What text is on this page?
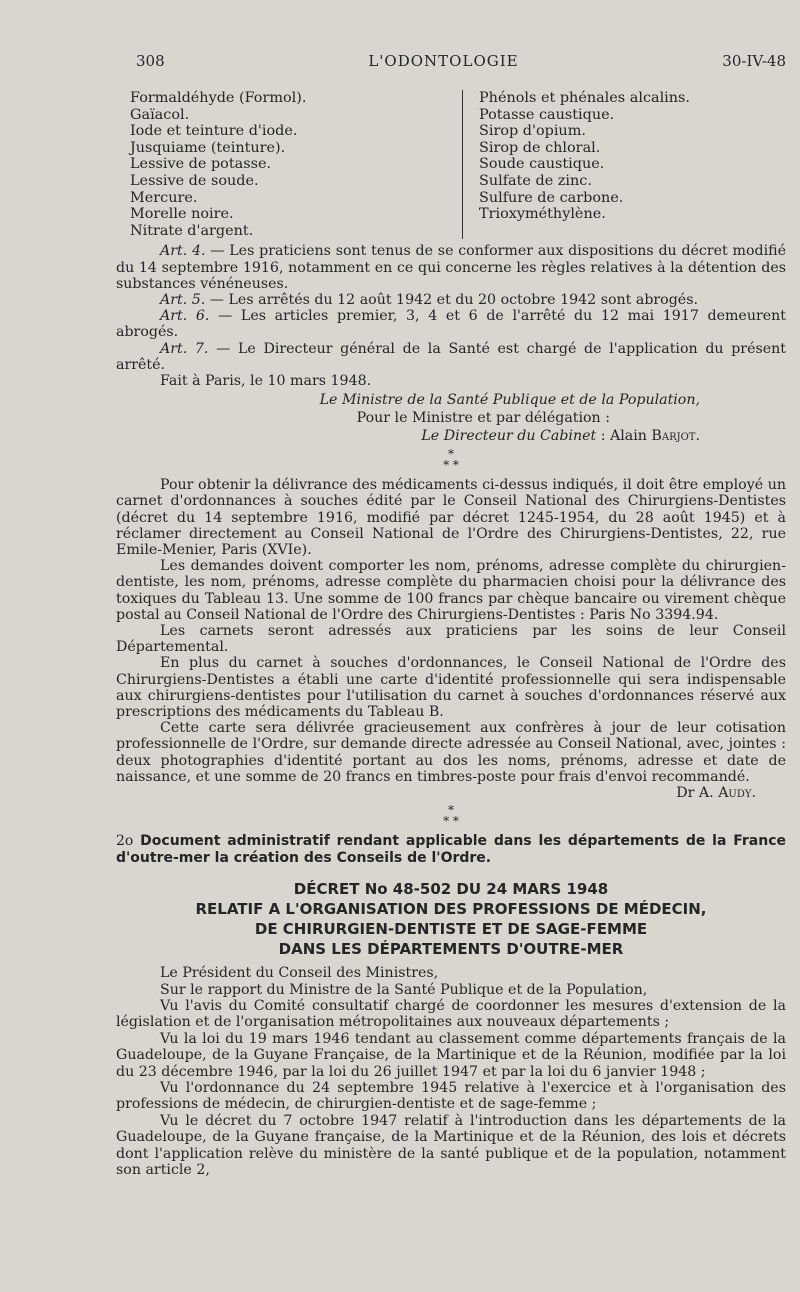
308	L'ODONTOLOGIE	30-IV-48
Formaldéhyde (Formol).
Gaïacol.
Iode et teinture d'iode.
Jusquiame (teinture).
Lessive de potasse.
Lessive de soude.
Mercure.
Morelle noire.
Nitrate d'argent.
Phénols et phénales alcalins.
Potasse caustique.
Sirop d'opium.
Sirop de chloral.
Soude caustique.
Sulfate de zinc.
Sulfure de carbone.
Trioxyméthylène.

Art. 4. — Les praticiens sont tenus de se conformer aux dispositions du décret modifié du 14 septembre 1916, notamment en ce qui concerne les règles relatives à la détention des substances vénéneuses.

Art. 5. — Les arrêtés du 12 août 1942 et du 20 octobre 1942 sont abrogés.

Art. 6. — Les articles premier, 3, 4 et 6 de l'arrêté du 12 mai 1917 demeurent abrogés.

Art. 7. — Le Directeur général de la Santé est chargé de l'application du présent arrêté.

Fait à Paris, le 10 mars 1948.

Le Ministre de la Santé Publique et de la Population,
Pour le Ministre et par délégation :
Le Directeur du Cabinet : Alain Barjot.
*
* *

Pour obtenir la délivrance des médicaments ci-dessus indiqués, il doit être employé un carnet d'ordonnances à souches édité par le Conseil National des Chirurgiens-Dentistes (décret du 14 septembre 1916, modifié par décret 1245-1954, du 28 août 1945) et à réclamer directement au Conseil National de l'Ordre des Chirurgiens-Dentistes, 22, rue Emile-Menier, Paris (XVIe).

Les demandes doivent comporter les nom, prénoms, adresse complète du chirurgien-dentiste, les nom, prénoms, adresse complète du pharmacien choisi pour la délivrance des toxiques du Tableau 13. Une somme de 100 francs par chèque bancaire ou virement chèque postal au Conseil National de l'Ordre des Chirurgiens-Dentistes : Paris No 3394.94.

Les carnets seront adressés aux praticiens par les soins de leur Conseil Départemental.

En plus du carnet à souches d'ordonnances, le Conseil National de l'Ordre des Chirurgiens-Dentistes a établi une carte d'identité professionnelle qui sera indispensable aux chirurgiens-dentistes pour l'utilisation du carnet à souches d'ordonnances réservé aux prescriptions des médicaments du Tableau B.

Cette carte sera délivrée gracieusement aux confrères à jour de leur cotisation professionnelle de l'Ordre, sur demande directe adressée au Conseil National, avec, jointes : deux photographies d'identité portant au dos les noms, prénoms, adresse et date de naissance, et une somme de 20 francs en timbres-poste pour frais d'envoi recommandé.

Dr A. Audy.

*
* *

2o Document administratif rendant applicable dans les départements de la France d'outre-mer la création des Conseils de l'Ordre.

DÉCRET No 48-502 DU 24 MARS 1948
RELATIF A L'ORGANISATION DES PROFESSIONS DE MÉDECIN,
DE CHIRURGIEN-DENTISTE ET DE SAGE-FEMME
DANS LES DÉPARTEMENTS D'OUTRE-MER

Le Président du Conseil des Ministres,

Sur le rapport du Ministre de la Santé Publique et de la Population,

Vu l'avis du Comité consultatif chargé de coordonner les mesures d'extension de la législation et de l'organisation métropolitaines aux nouveaux départements ;

Vu la loi du 19 mars 1946 tendant au classement comme départements français de la Guadeloupe, de la Guyane Française, de la Martinique et de la Réunion, modifiée par la loi du 23 décembre 1946, par la loi du 26 juillet 1947 et par la loi du 6 janvier 1948 ;

Vu l'ordonnance du 24 septembre 1945 relative à l'exercice et à l'organisation des professions de médecin, de chirurgien-dentiste et de sage-femme ;

Vu le décret du 7 octobre 1947 relatif à l'introduction dans les départements de la Guadeloupe, de la Guyane française, de la Martinique et de la Réunion, des lois et décrets dont l'application relève du ministère de la santé publique et de la population, notamment son article 2,
